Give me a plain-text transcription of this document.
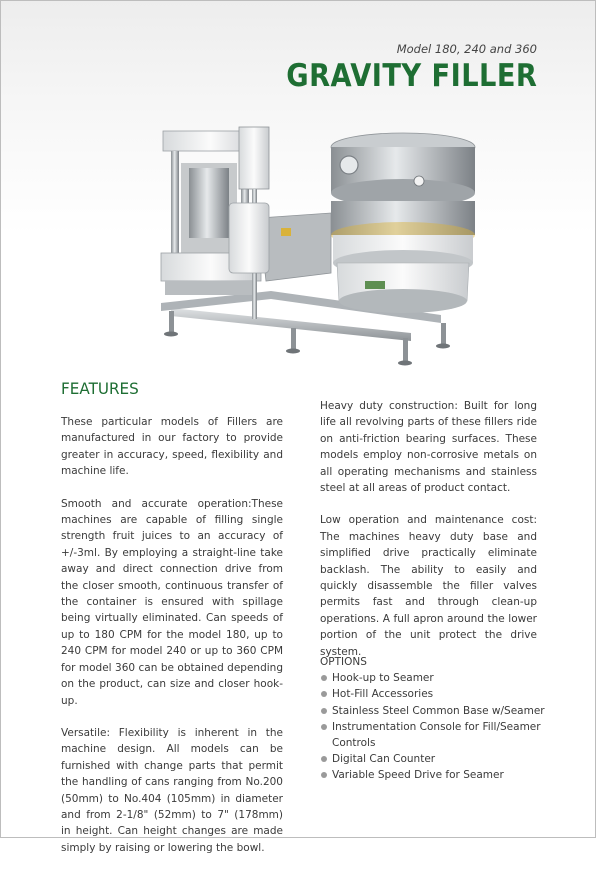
Model 180, 240 and 360
GRAVITY FILLER
FEATURES

These particular models of Fillers are manufactured in our factory to provide greater in accuracy, speed, flexibility and machine life.

Smooth and accurate operation:These machines are capable of filling single strength fruit juices to an accuracy of +/-3ml. By employing a straight-line take away and direct connection drive from the closer smooth, continuous transfer of the container is ensured with spillage being virtually eliminated. Can speeds of up to 180 CPM for the model 180, up to 240 CPM for model 240 or up to 360 CPM for model 360 can be obtained depending on the product, can size and closer hook-up.

Versatile: Flexibility is inherent in the machine design. All models can be furnished with change parts that permit the handling of cans ranging from No.200 (50mm) to No.404 (105mm) in diameter and from 2-1/8" (52mm) to 7" (178mm) in height. Can height changes are made simply by raising or lowering the bowl.

Heavy duty construction: Built for long life all revolving parts of these fillers ride on anti-friction bearing surfaces. These models employ non-corrosive metals on all operating mechanisms and stainless steel at all areas of product contact.

Low operation and maintenance cost: The machines heavy duty base and simplified drive practically eliminate backlash. The ability to easily and quickly disassemble the filler valves permits fast and through clean-up operations. A full apron around the lower portion of the unit protect the drive system.

OPTIONS
Hook-up to Seamer
Hot-Fill Accessories
Stainless Steel Common Base w/Seamer
Instrumentation Console for Fill/Seamer Controls
Digital Can Counter
Variable Speed Drive for Seamer
